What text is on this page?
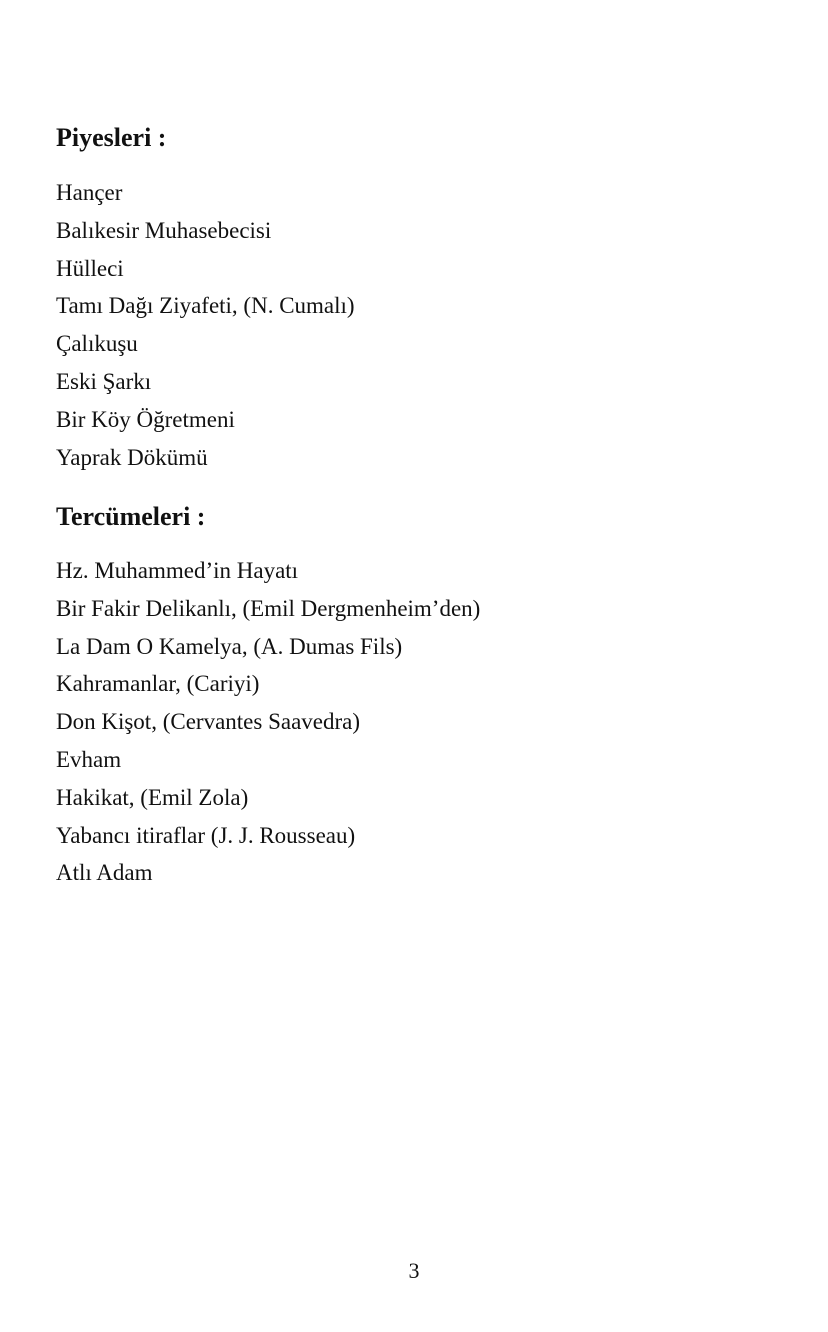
Piyesleri :
Hançer
Balıkesir Muhasebecisi
Hülleci
Tamı Dağı Ziyafeti, (N. Cumalı)
Çalıkuşu
Eski Şarkı
Bir Köy Öğretmeni
Yaprak Dökümü
Tercümeleri :
Hz. Muhammed’in Hayatı
Bir Fakir Delikanlı, (Emil Dergmenheim’den)
La Dam O Kamelya, (A. Dumas Fils)
Kahramanlar, (Cariyi)
Don Kişot, (Cervantes Saavedra)
Evham
Hakikat, (Emil Zola)
Yabancı itiraflar (J. J. Rousseau)
Atlı Adam
3
